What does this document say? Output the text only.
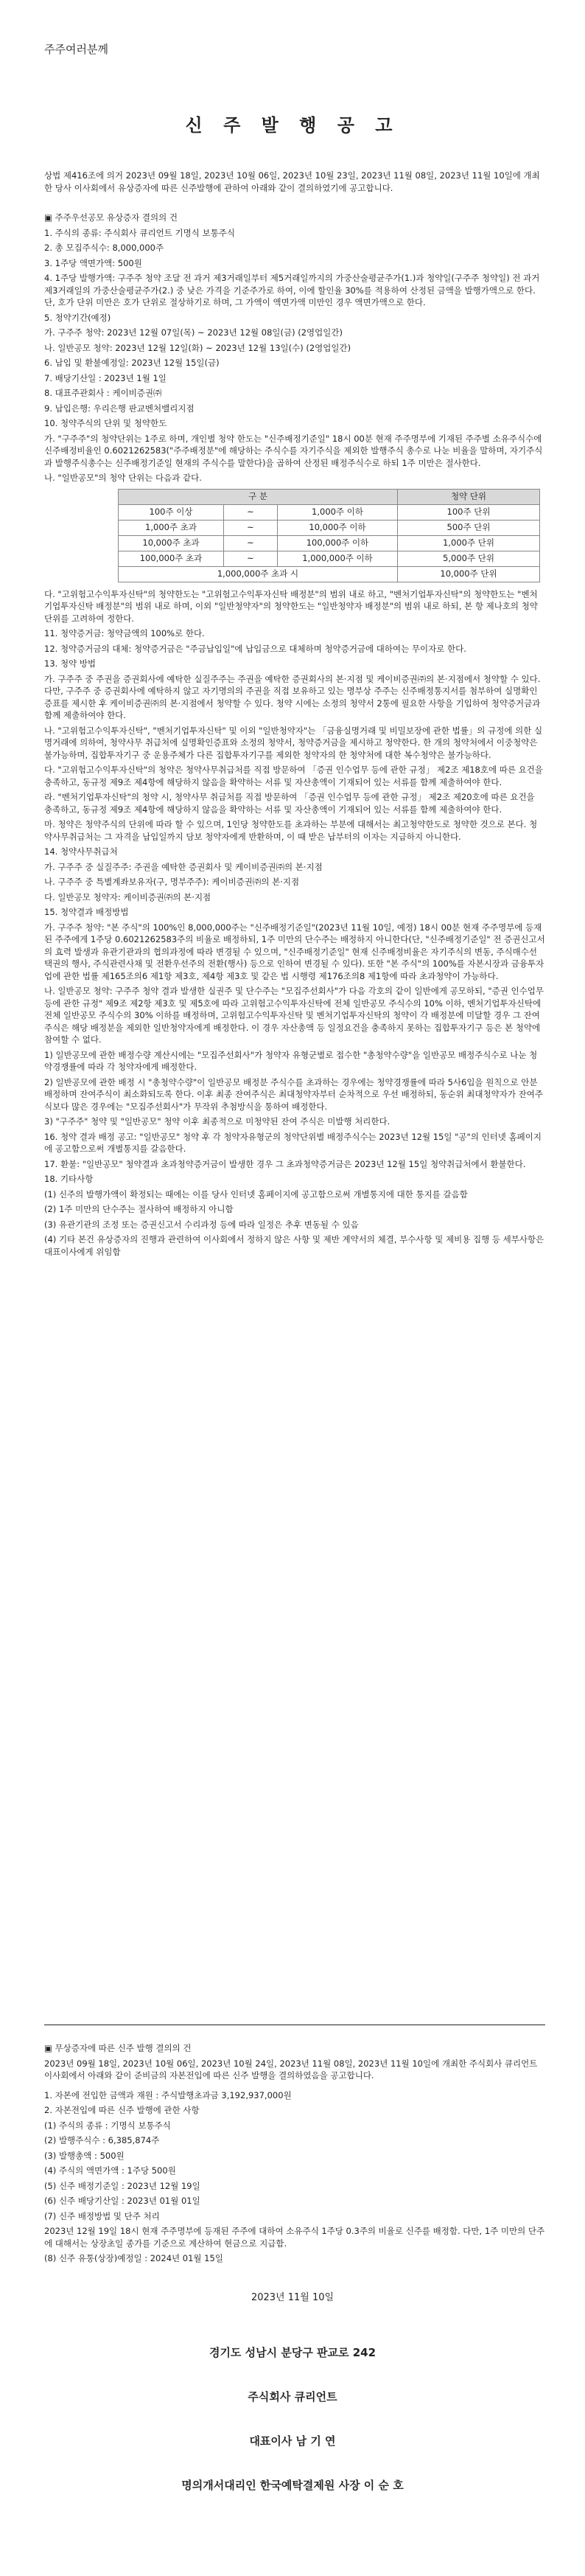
주주여러분께
신 주 발 행 공 고

상법 제416조에 의거 2023년 09월 18일, 2023년 10월 06일, 2023년 10월 23일, 2023년 11월 08일, 2023년 11월 10일에 개최한 당사 이사회에서 유상증자에 따른 신주발행에 관하여 아래와 같이 결의하였기에 공고합니다.

▣ 주주우선공모 유상증자 결의의 건

1. 주식의 종류: 주식회사 큐리언트 기명식 보통주식

2. 총 모집주식수: 8,000,000주

3. 1주당 액면가액: 500원

4. 1주당 발행가액: 구주주 청약 조달 전 과거 제3거래일부터 제5거래일까지의 가중산술평균주가(1.)과 청약일(구주주 청약일) 전 과거 제3거래일의 가중산술평균주가(2.) 중 낮은 가격을 기준주가로 하여, 이에 할인율 30%를 적용하여 산정된 금액을 발행가액으로 한다. 단, 호가 단위 미만은 호가 단위로 절상하기로 하며, 그 가액이 액면가액 미만인 경우 액면가액으로 한다.

5. 청약기간(예정)

가. 구주주 청약: 2023년 12월 07일(목) ~ 2023년 12월 08일(금) (2영업일간)

나. 일반공모 청약: 2023년 12월 12일(화) ~ 2023년 12월 13일(수) (2영업일간)

6. 납입 및 환불예정일: 2023년 12월 15일(금)

7. 배당기산일 : 2023년 1월 1일

8. 대표주관회사 : 케이비증권㈜

9. 납입은행: 우리은행 판교벤처밸리지점

10. 청약주식의 단위 및 청약한도

가. "구주주"의 청약단위는 1주로 하며, 개인별 청약 한도는 "신주배정기준일" 18시 00분 현재 주주명부에 기재된 주주별 소유주식수에 신주배정비율인 0.6021262583("주주배정분"에 해당하는 주식수를 자기주식을 제외한 발행주식 총수로 나눈 비율을 말하며, 자기주식과 발행주식총수는 신주배정기준일 현재의 주식수를 말한다)을 곱하여 산정된 배정주식수로 하되 1주 미만은 절사한다.

나. "일반공모"의 청약 단위는 다음과 같다.

구 분			청약 단위
100주 이상	~	1,000주 이하	100주 단위
1,000주 초과	~	10,000주 이하	500주 단위
10,000주 초과	~	100,000주 이하	1,000주 단위
100,000주 초과	~	1,000,000주 이하	5,000주 단위
1,000,000주 초과 시			10,000주 단위

다. "고위험고수익투자신탁"의 청약한도는 "고위험고수익투자신탁 배정분"의 범위 내로 하고, "벤처기업투자신탁"의 청약한도는 "벤처기업투자신탁 배정분"의 범위 내로 하며, 이외 "일반청약자"의 청약한도는 "일반청약자 배정분"의 범위 내로 하되, 본 항 제나호의 청약단위를 고려하여 정한다.

11. 청약증거금: 청약금액의 100%로 한다.

12. 청약증거금의 대체: 청약증거금은 "주금납입일"에 납입금으로 대체하며 청약증거금에 대하여는 무이자로 한다.

13. 청약 방법

가. 구주주 중 주권을 증권회사에 예탁한 실질주주는 주권을 예탁한 증권회사의 본·지점 및 케이비증권㈜의 본·지점에서 청약할 수 있다. 다만, 구주주 중 증권회사에 예탁하지 않고 자기명의의 주권을 직접 보유하고 있는 명부상 주주는 신주배정통지서를 첨부하여 실명확인증표를 제시한 후 케이비증권㈜의 본·지점에서 청약할 수 있다. 청약 시에는 소정의 청약서 2통에 필요한 사항을 기입하여 청약증거금과 함께 제출하여야 한다.

나. "고위험고수익투자신탁", "벤처기업투자신탁" 및 이외 "일반청약자"는 「금융실명거래 및 비밀보장에 관한 법률」의 규정에 의한 실명거래에 의하여, 청약사무 취급처에 실명확인증표와 소정의 청약서, 청약증거금을 제시하고 청약한다. 한 개의 청약처에서 이중청약은 불가능하며, 집합투자기구 중 운용주체가 다른 집합투자기구를 제외한 청약자의 한 청약처에 대한 복수청약은 불가능하다.

다. "고위험고수익투자신탁"의 청약은 청약사무취급처를 직접 방문하여 「증권 인수업무 등에 관한 규정」 제2조 제18호에 따른 요건을 충족하고, 동규정 제9조 제4항에 해당하지 않음을 확약하는 서류 및 자산총액이 기재되어 있는 서류를 함께 제출하여야 한다.

라. "벤처기업투자신탁"의 청약 시, 청약사무 취급처를 직접 방문하여 「증권 인수업무 등에 관한 규정」 제2조 제20호에 따른 요건을 충족하고, 동규정 제9조 제4항에 해당하지 않음을 확약하는 서류 및 자산총액이 기재되어 있는 서류를 함께 제출하여야 한다.

마. 청약은 청약주식의 단위에 따라 할 수 있으며, 1인당 청약한도를 초과하는 부분에 대해서는 최고청약한도로 청약한 것으로 본다. 청약사무취급처는 그 자격을 납입일까지 담보 청약자에게 반환하며, 이 때 받은 납부터의 이자는 지급하지 아니한다.

14. 청약사무취급처

가. 구주주 중 실질주주: 주권을 예탁한 증권회사 및 케이비증권㈜의 본·지점

나. 구주주 중 특별계좌보유자(구, 명부주주): 케이비증권㈜의 본·지점

다. 일반공모 청약자: 케이비증권㈜의 본·지점

15. 청약결과 배정방법

가. 구주주 청약: "본 주식"의 100%인 8,000,000주는 "신주배정기준일"(2023년 11월 10일, 예정) 18시 00분 현재 주주명부에 등재된 주주에게 1주당 0.6021262583주의 비율로 배정하되, 1주 미만의 단수주는 배정하지 아니한다(단, "신주배정기준일" 전 증권신고서의 효력 발생과 유관기관과의 협의과정에 따라 변경될 수 있으며, "신주배정기준일" 현재 신주배정비율은 자기주식의 변동, 주식매수선택권의 행사, 주식관련사채 및 전환우선주의 전환(행사) 등으로 인하여 변경될 수 있다). 또한 "본 주식"의 100%를 자본시장과 금융투자업에 관한 법률 제165조의6 제1항 제3호, 제4항 제3호 및 같은 법 시행령 제176조의8 제1항에 따라 초과청약이 가능하다.

나. 일반공모 청약: 구주주 청약 결과 발생한 실권주 및 단수주는 "모집주선회사"가 다음 각호의 같이 일반에게 공모하되, "증권 인수업무 등에 관한 규정" 제9조 제2항 제3호 및 제5호에 따라 고위험고수익투자신탁에 전체 일반공모 주식수의 10% 이하, 벤처기업투자신탁에 전체 일반공모 주식수의 30% 이하를 배정하며, 고위험고수익투자신탁 및 벤처기업투자신탁의 청약이 각 배정분에 미달할 경우 그 잔여주식은 해당 배정분을 제외한 일반청약자에게 배정한다. 이 경우 자산총액 등 일정요건을 충족하지 못하는 집합투자기구 등은 본 청약에 참여할 수 없다.

1) 일반공모에 관한 배정수량 계산시에는 "모집주선회사"가 청약자 유형군별로 접수한 "총청약수량"을 일반공모 배정주식수로 나눈 청약경쟁률에 따라 각 청약자에게 배정한다.

2) 일반공모에 관한 배정 시 "총청약수량"이 일반공모 배정분 주식수를 초과하는 경우에는 청약경쟁률에 따라 5사6입을 원칙으로 안분 배정하며 잔여주식이 최소화되도록 한다. 이후 최종 잔여주식은 최대청약자부터 순차적으로 우선 배정하되, 동순위 최대청약자가 잔여주식보다 많은 경우에는 "모집주선회사"가 무작위 추첨방식을 통하여 배정한다.

3) "구주주" 청약 및 "일반공모" 청약 이후 최종적으로 미청약된 잔여 주식은 미발행 처리한다.

16. 청약 결과 배정 공고: "일반공모" 청약 후 각 청약자유형군의 청약단위별 배정주식수는 2023년 12월 15일 "공"의 인터넷 홈페이지에 공고함으로써 개별통지를 갈음한다.

17. 환불: "일반공모" 청약결과 초과청약증거금이 발생한 경우 그 초과청약증거금은 2023년 12월 15일 청약취급처에서 환불한다.

18. 기타사항

(1) 신주의 발행가액이 확정되는 때에는 이를 당사 인터넷 홈페이지에 공고함으로써 개별통지에 대한 통지를 갈음함

(2) 1주 미만의 단수주는 절사하여 배정하지 아니함

(3) 유관기관의 조정 또는 증권신고서 수리과정 등에 따라 일정은 추후 변동될 수 있음

(4) 기타 본건 유상증자의 진행과 관련하여 이사회에서 정하지 않은 사항 및 제반 계약서의 체결, 부수사항 및 제비용 집행 등 세부사항은 대표이사에게 위임함

▣ 무상증자에 따른 신주 발행 결의의 건

2023년 09월 18일, 2023년 10월 06일, 2023년 10월 24일, 2023년 11월 08일, 2023년 11월 10일에 개최한 주식회사 큐리언트 이사회에서 아래와 같이 준비금의 자본전입에 따른 신주 발행을 결의하였음을 공고합니다.

1. 자본에 전입한 금액과 재원 : 주식발행초과금 3,192,937,000원

2. 자본전입에 따른 신주 발행에 관한 사항

(1) 주식의 종류 : 기명식 보통주식

(2) 발행주식수 : 6,385,874주

(3) 발행총액 : 500원

(4) 주식의 액면가액 : 1주당 500원

(5) 신주 배정기준일 : 2023년 12월 19일

(6) 신주 배당기산일 : 2023년 01월 01일

(7) 신주 배정방법 및 단주 처리

2023년 12월 19일 18시 현재 주주명부에 등재된 주주에 대하여 소유주식 1주당 0.3주의 비율로 신주를 배정함. 다만, 1주 미만의 단주에 대해서는 상장초일 종가를 기준으로 계산하여 현금으로 지급함.

(8) 신주 유통(상장)예정일 : 2024년 01월 15일

2023년 11월 10일
경기도 성남시 분당구 판교로 242
주식회사 큐리언트
대표이사 남 기 연
명의개서대리인 한국예탁결제원 사장 이 순 호
